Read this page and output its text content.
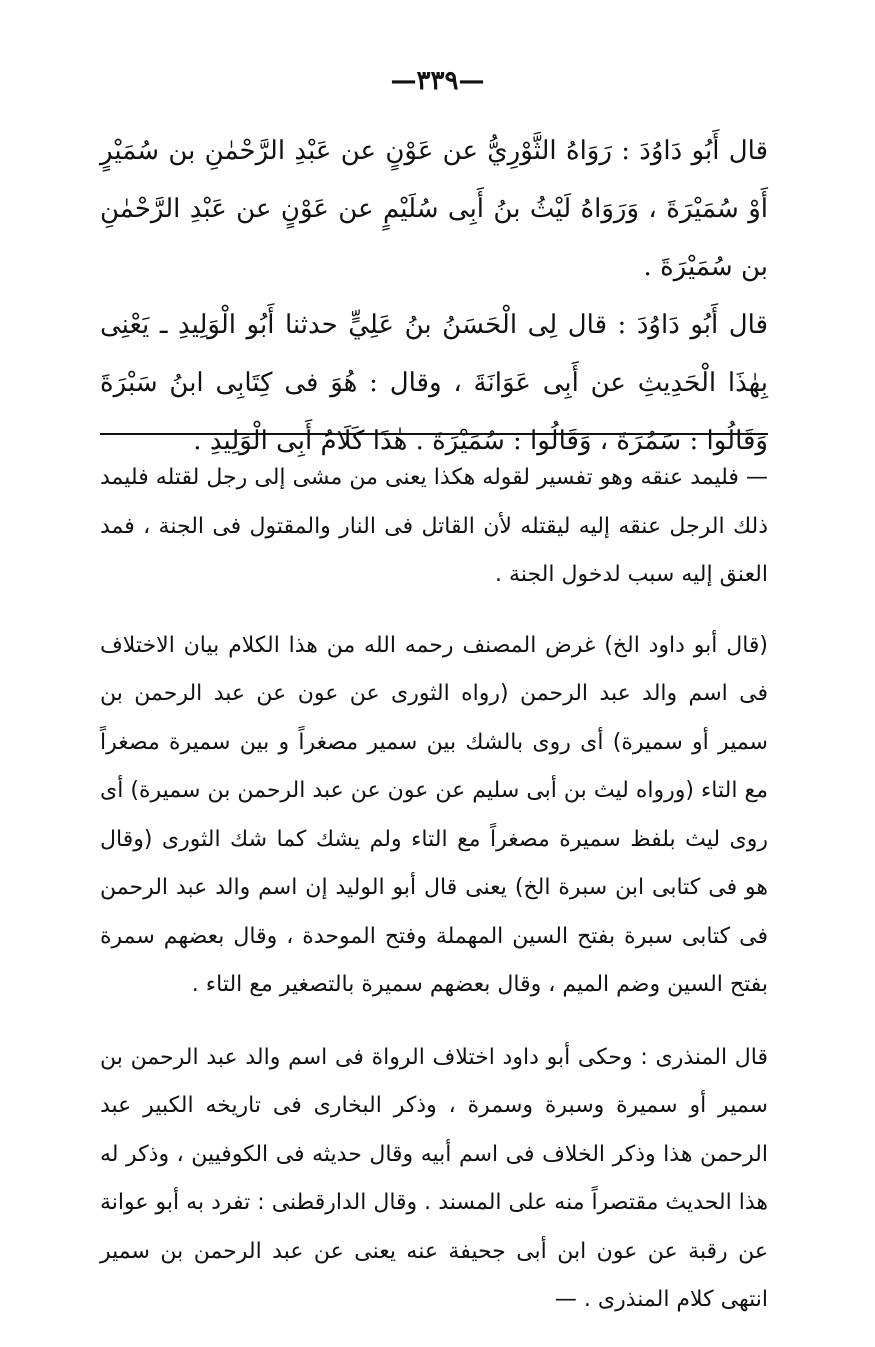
—٣٣٩—

قال أَبُو دَاوُدَ : رَوَاهُ الثَّوْرِيُّ عن عَوْنٍ عن عَبْدِ الرَّحْمٰنِ بن سُمَيْرٍ أَوْ سُمَيْرَةَ ، وَرَوَاهُ لَيْثُ بنُ أَبِى سُلَيْمٍ عن عَوْنٍ عن عَبْدِ الرَّحْمٰنِ بن سُمَيْرَةَ .

قال أَبُو دَاوُدَ : قال لِى الْحَسَنُ بنُ عَلِيٍّ حدثنا أَبُو الْوَلِيدِ ـ يَعْنِى بِهٰذَا الْحَدِيثِ عن أَبِى عَوَانَةَ ، وقال : هُوَ فى كِتَابِى ابنُ سَبْرَةَ وَقَالُوا : سَمُرَةَ ، وَقَالُوا : سُمَيْرَةَ . هٰذَا كَلَامُ أَبِى الْوَلِيدِ .

— فليمد عنقه وهو تفسير لقوله هكذا يعنى من مشى إلى رجل لقتله فليمد ذلك الرجل عنقه إليه ليقتله لأن القاتل فى النار والمقتول فى الجنة ، فمد العنق إليه سبب لدخول الجنة .

(قال أبو داود الخ) غرض المصنف رحمه الله من هذا الكلام بيان الاختلاف فى اسم والد عبد الرحمن (رواه الثورى عن عون عن عبد الرحمن بن سمير أو سميرة) أى روى بالشك بين سمير مصغراً و بين سميرة مصغراً مع التاء (ورواه ليث بن أبى سليم عن عون عن عبد الرحمن بن سميرة) أى روى ليث بلفظ سميرة مصغراً مع التاء ولم يشك كما شك الثورى (وقال هو فى كتابى ابن سبرة الخ) يعنى قال أبو الوليد إن اسم والد عبد الرحمن فى كتابى سبرة بفتح السين المهملة وفتح الموحدة ، وقال بعضهم سمرة بفتح السين وضم الميم ، وقال بعضهم سميرة بالتصغير مع التاء .

قال المنذرى : وحكى أبو داود اختلاف الرواة فى اسم والد عبد الرحمن بن سمير أو سميرة وسبرة وسمرة ، وذكر البخارى فى تاريخه الكبير عبد الرحمن هذا وذكر الخلاف فى اسم أبيه وقال حديثه فى الكوفيين ، وذكر له هذا الحديث مقتصراً منه على المسند . وقال الدارقطنى : تفرد به أبو عوانة عن رقبة عن عون ابن أبى جحيفة عنه يعنى عن عبد الرحمن بن سمير انتهى كلام المنذرى . —
